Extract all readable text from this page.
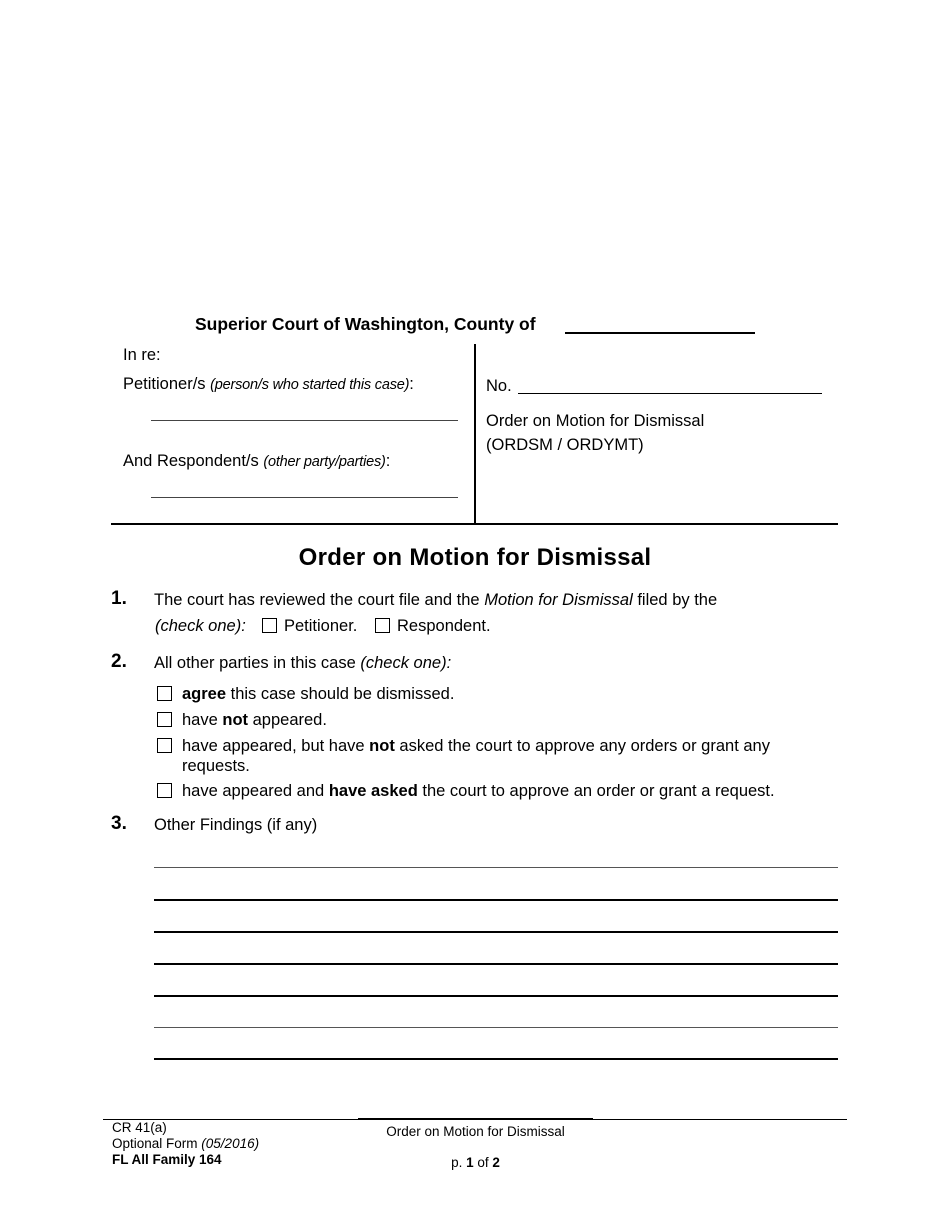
Superior Court of Washington, County of
In re:
Petitioner/s (person/s who started this case):
And Respondent/s (other party/parties):
No.
Order on Motion for Dismissal
(ORDSM / ORDYMT)
Order on Motion for Dismissal
1. The court has reviewed the court file and the Motion for Dismissal filed by the
(check one): Petitioner. Respondent.
2. All other parties in this case (check one):
agree this case should be dismissed.
have not appeared.
have appeared, but have not asked the court to approve any orders or grant any
requests.
have appeared and have asked the court to approve an order or grant a request.
3. Other Findings (if any)
CR 41(a)
Optional Form (05/2016)
FL All Family 164
Order on Motion for Dismissal
p. 1 of 2
